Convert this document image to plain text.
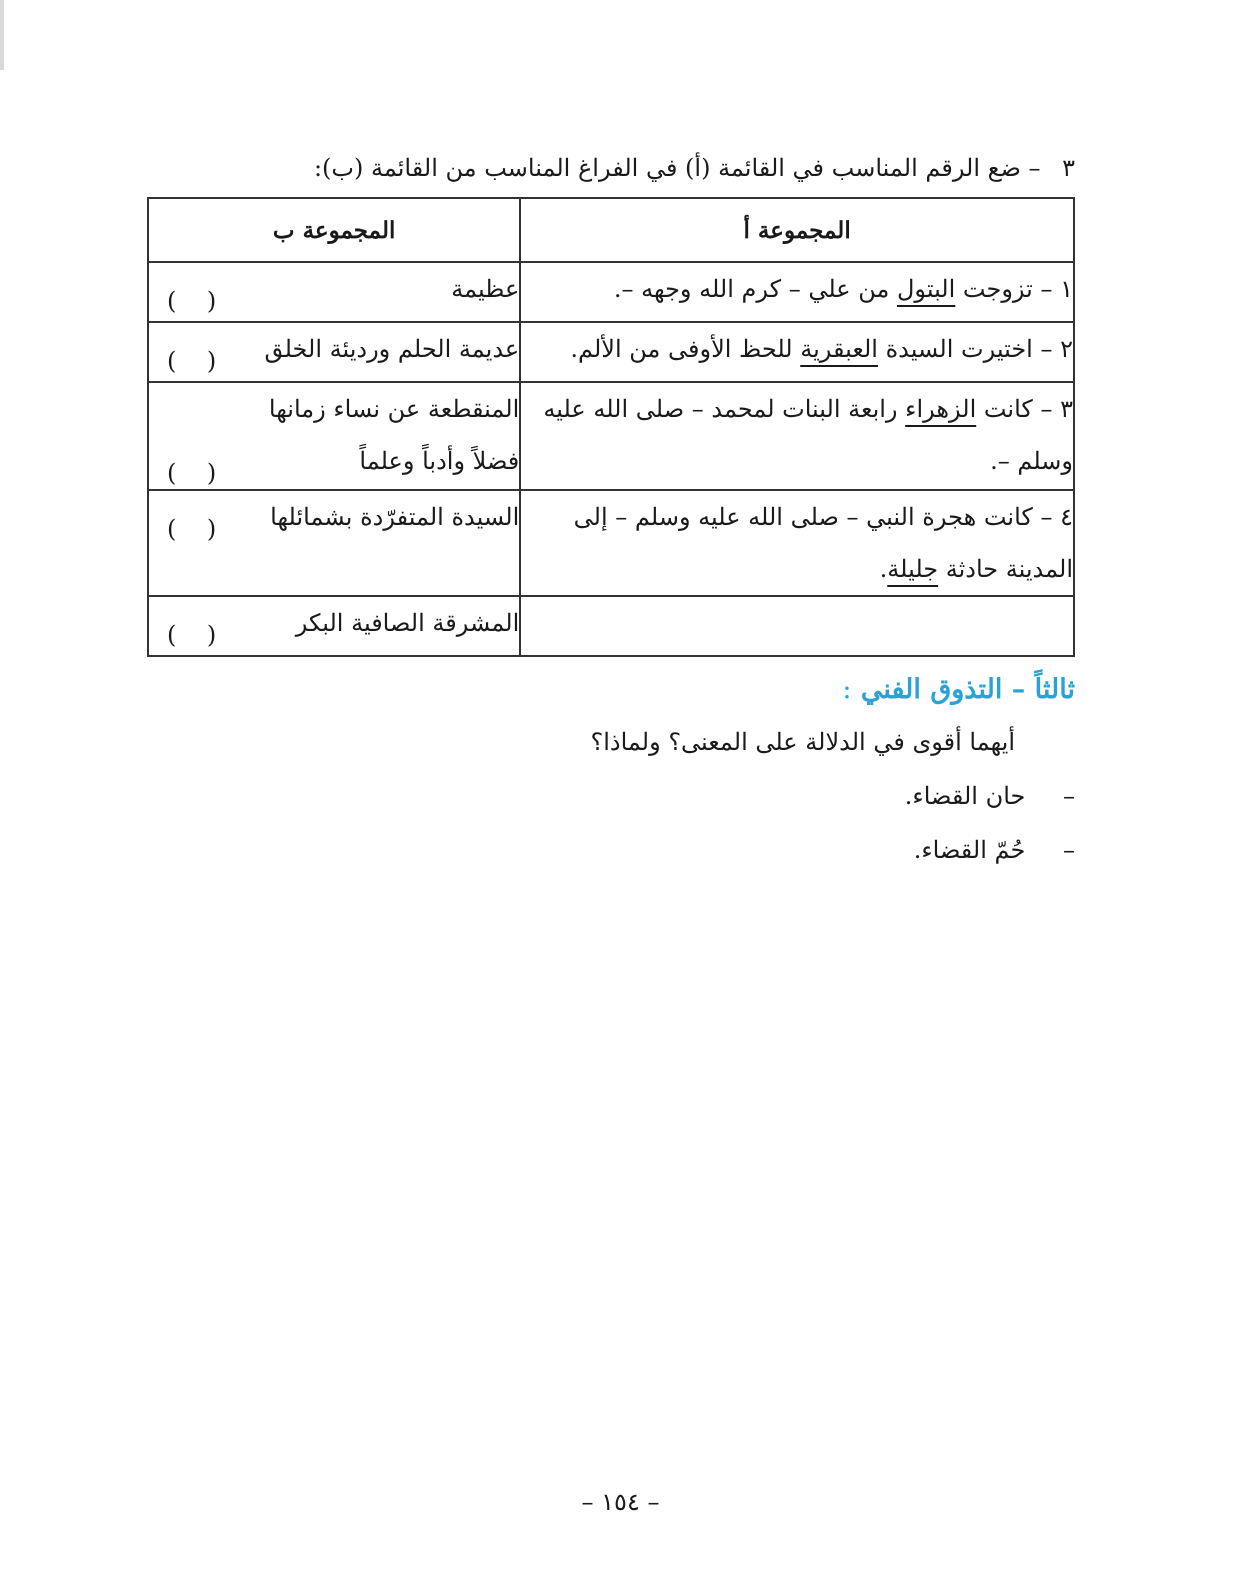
٣ – ضع الرقم المناسب في القائمة (أ) في الفراغ المناسب من القائمة (ب):
المجموعة أ	المجموعة ب
١ – تزوجت البتول من علي – كرم الله وجهه –.	عظيمة
(    )

٢ – اختيرت السيدة العبقرية للحظ الأوفى من الألم.	عديمة الحلم ورديئة الخلق
(    )

٣ – كانت الزهراء رابعة البنات لمحمد – صلى الله عليه وسلم –.	المنقطعة عن نساء زمانها فضلاً وأدباً وعلماً
(    )

٤ – كانت هجرة النبي – صلى الله عليه وسلم – إلى المدينة حادثة جليلة.	السيدة المتفرّدة بشمائلها
(    )

	المشرقة الصافية البكر
(    )
ثالثاً – التذوق الفني :
أيهما أقوى في الدلالة على المعنى؟ ولماذا؟
– حان القضاء.
– حُمّ القضاء.
– ١٥٤ –
